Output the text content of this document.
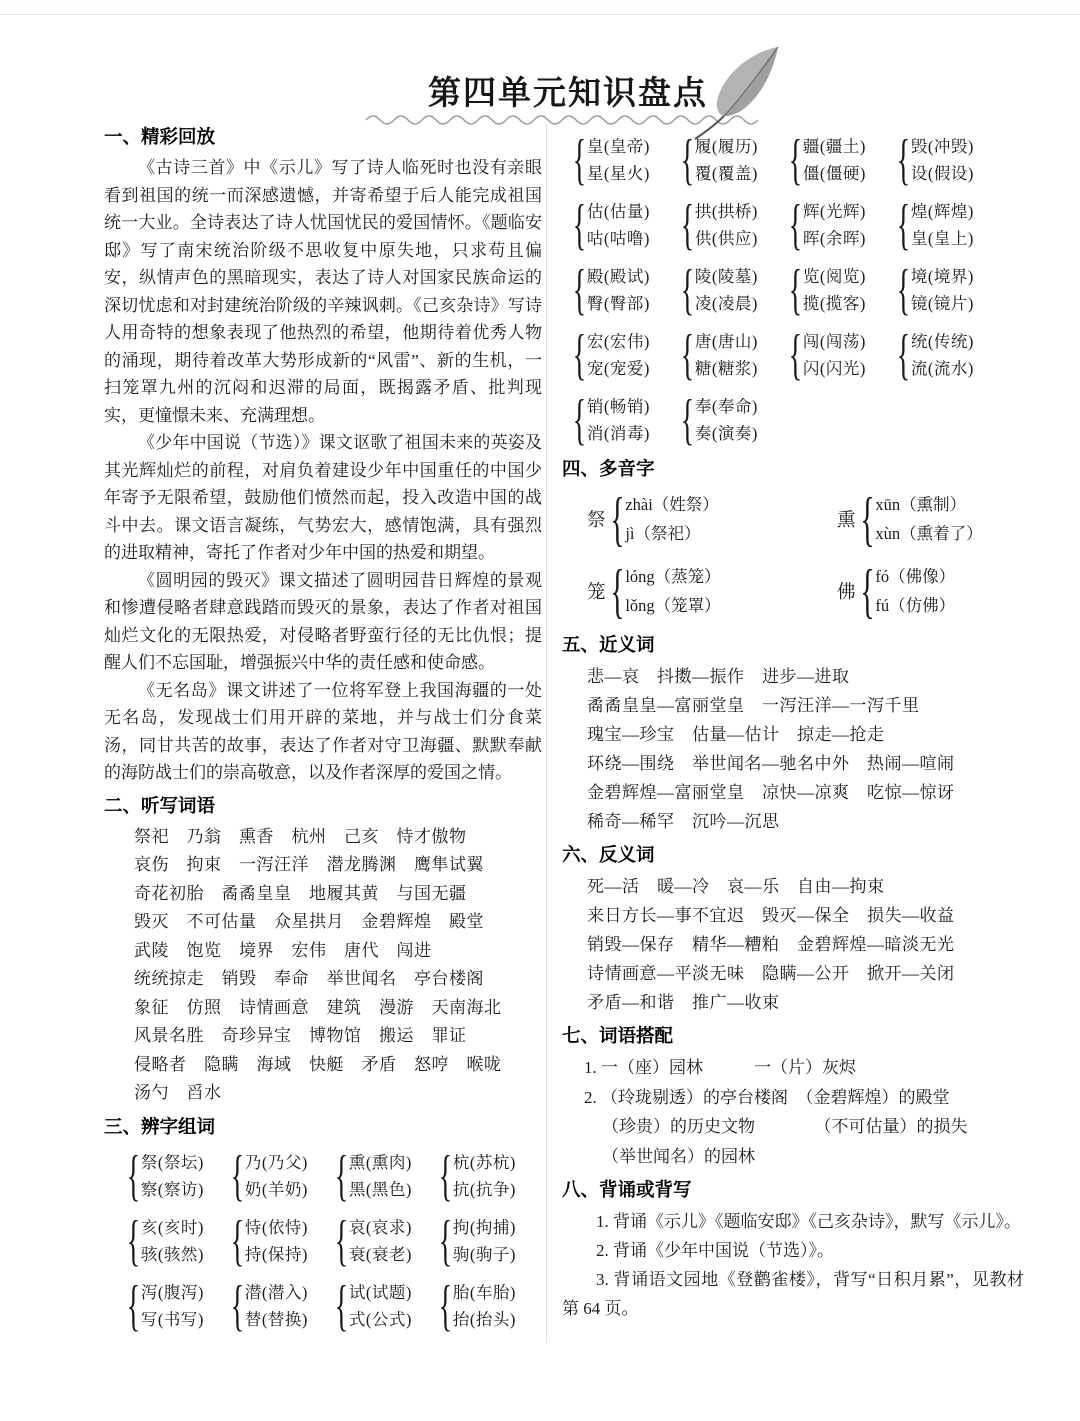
第四单元知识盘点
一、精彩回放

《古诗三首》中《示儿》写了诗人临死时也没有亲眼看到祖国的统一而深感遗憾，并寄希望于后人能完成祖国统一大业。全诗表达了诗人忧国忧民的爱国情怀。《题临安邸》写了南宋统治阶级不思收复中原失地，只求苟且偏安，纵情声色的黑暗现实，表达了诗人对国家民族命运的深切忧虑和对封建统治阶级的辛辣讽刺。《己亥杂诗》写诗人用奇特的想象表现了他热烈的希望，他期待着优秀人物的涌现，期待着改革大势形成新的“风雷”、新的生机，一扫笼罩九州的沉闷和迟滞的局面，既揭露矛盾、批判现实，更憧憬未来、充满理想。

《少年中国说（节选）》课文讴歌了祖国未来的英姿及其光辉灿烂的前程，对肩负着建设少年中国重任的中国少年寄予无限希望，鼓励他们愤然而起，投入改造中国的战斗中去。课文语言凝练，气势宏大，感情饱满，具有强烈的进取精神，寄托了作者对少年中国的热爱和期望。

《圆明园的毁灭》课文描述了圆明园昔日辉煌的景观和惨遭侵略者肆意践踏而毁灭的景象，表达了作者对祖国灿烂文化的无限热爱，对侵略者野蛮行径的无比仇恨；提醒人们不忘国耻，增强振兴中华的责任感和使命感。

《无名岛》课文讲述了一位将军登上我国海疆的一处无名岛，发现战士们用开辟的菜地，并与战士们分食菜汤，同甘共苦的故事，表达了作者对守卫海疆、默默奉献的海防战士们的崇高敬意，以及作者深厚的爱国之情。

二、听写词语
祭祀　乃翁　熏香　杭州　己亥　恃才傲物
哀伤　拘束　一泻汪洋　潜龙腾渊　鹰隼试翼
奇花初胎　矞矞皇皇　地履其黄　与国无疆
毁灭　不可估量　众星拱月　金碧辉煌　殿堂
武陵　饱览　境界　宏伟　唐代　闯进
统统掠走　销毁　奉命　举世闻名　亭台楼阁
象征　仿照　诗情画意　建筑　漫游　天南海北
风景名胜　奇珍异宝　博物馆　搬运　罪证
侵略者　隐瞒　海域　快艇　矛盾　怒哼　喉咙
汤勺　舀水
三、辨字组词
{
祭(祭坛)
察(察访)
{
乃(乃父)
奶(羊奶)
{
熏(熏肉)
黑(黑色)
{
杭(苏杭)
抗(抗争)
{
亥(亥时)
骇(骇然)
{
恃(依恃)
持(保持)
{
哀(哀求)
衰(衰老)
{
拘(拘捕)
驹(驹子)
{
泻(腹泻)
写(书写)
{
潜(潜入)
替(替换)
{
试(试题)
式(公式)
{
胎(车胎)
抬(抬头)
{
皇(皇帝)
星(星火)
{
履(履历)
覆(覆盖)
{
疆(疆土)
僵(僵硬)
{
毁(冲毁)
设(假设)
{
估(估量)
咕(咕噜)
{
拱(拱桥)
供(供应)
{
辉(光辉)
晖(余晖)
{
煌(辉煌)
皇(皇上)
{
殿(殿试)
臀(臀部)
{
陵(陵墓)
凌(凌晨)
{
览(阅览)
揽(揽客)
{
境(境界)
镜(镜片)
{
宏(宏伟)
宠(宠爱)
{
唐(唐山)
糖(糖浆)
{
闯(闯荡)
闪(闪光)
{
统(传统)
流(流水)
{
销(畅销)
消(消毒)
{
奉(奉命)
奏(演奏)
四、多音字
祭
{
zhài（姓祭）
jì（祭祀）
熏
{
xūn（熏制）
xùn（熏着了）
笼
{
lóng（蒸笼）
lǒng（笼罩）
佛
{
fó（佛像）
fú（仿佛）
五、近义词
悲—哀　抖擞—振作　进步—进取
矞矞皇皇—富丽堂皇　一泻汪洋—一泻千里
瑰宝—珍宝　估量—估计　掠走—抢走
环绕—围绕　举世闻名—驰名中外　热闹—喧闹
金碧辉煌—富丽堂皇　凉快—凉爽　吃惊—惊讶
稀奇—稀罕　沉吟—沉思
六、反义词
死—活　暖—冷　哀—乐　自由—拘束
来日方长—事不宜迟　毁灭—保全　损失—收益
销毁—保存　精华—糟粕　金碧辉煌—暗淡无光
诗情画意—平淡无味　隐瞒—公开　掀开—关闭
矛盾—和谐　推广—收束
七、词语搭配
1. 一（座）园林　　　一（片）灰烬
2. （玲珑剔透）的亭台楼阁　（金碧辉煌）的殿堂
（珍贵）的历史文物　　　　（不可估量）的损失
（举世闻名）的园林
八、背诵或背写

1. 背诵《示儿》《题临安邸》《己亥杂诗》，默写《示儿》。

2. 背诵《少年中国说（节选）》。

3. 背诵语文园地《登鹳雀楼》，背写“日积月累”，见教材第 64 页。
